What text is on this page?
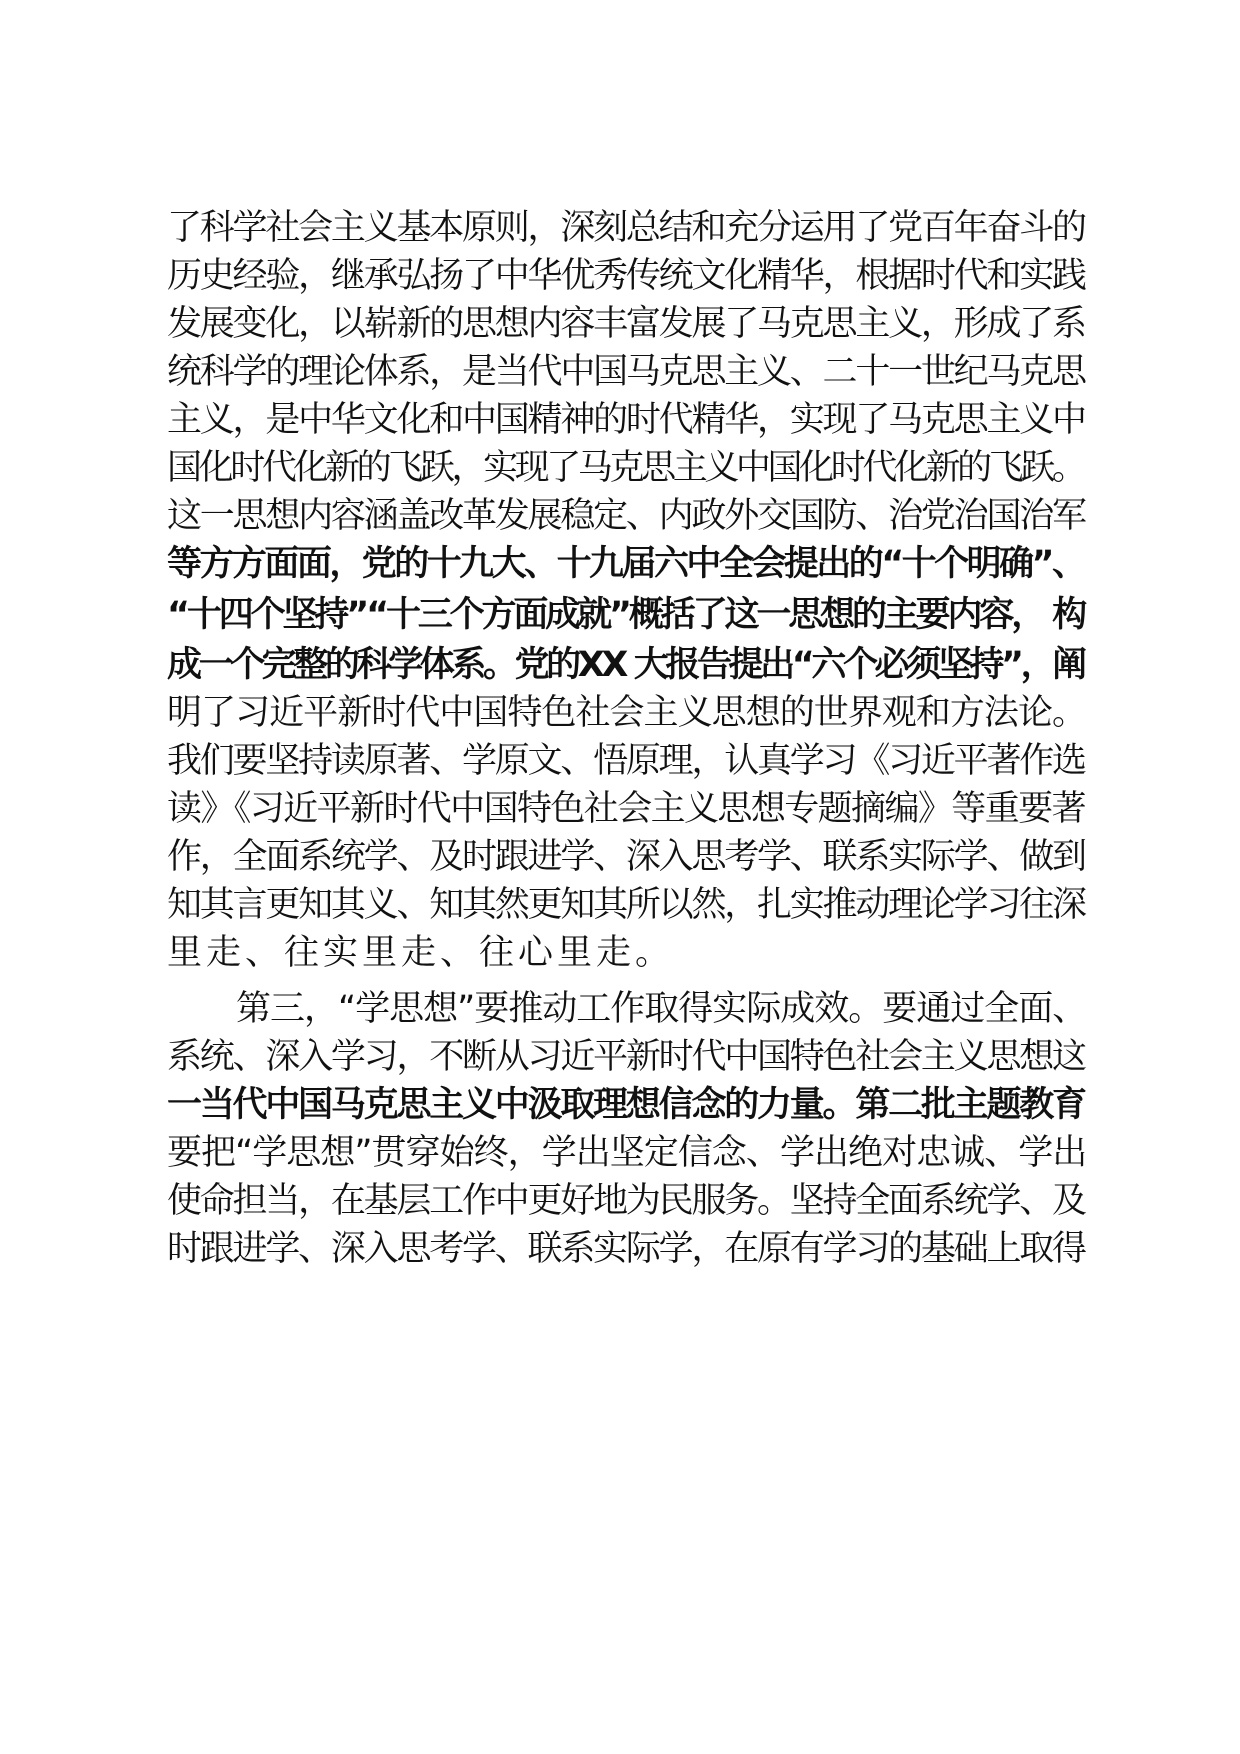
了科学社会主义基本原则，深刻总结和充分运用了党百年奋斗的
历史经验，继承弘扬了中华优秀传统文化精华，根据时代和实践
发展变化，以崭新的思想内容丰富发展了马克思主义，形成了系
统科学的理论体系，是当代中国马克思主义、二十一世纪马克思
主义，是中华文化和中国精神的时代精华，实现了马克思主义中
国化时代化新的飞跃，实现了马克思主义中国化时代化新的飞跃。
这一思想内容涵盖改革发展稳定、内政外交国防、治党治国治军
等方方面面，党的十九大、十九届六中全会提出的“十个明确”、
“十四个坚持”“十三个方面成就”概括了这一思想的主要内容， 构
成一个完整的科学体系。党的XX 大报告提出“六个必须坚持”，阐
明了习近平新时代中国特色社会主义思想的世界观和方法论。
我们要坚持读原著、学原文、悟原理，认真学习《习近平著作选
读》《习近平新时代中国特色社会主义思想专题摘编》等重要著
作，全面系统学、及时跟进学、深入思考学、联系实际学、做到
知其言更知其义、知其然更知其所以然，扎实推动理论学习往深
里走、往实里走、往心里走。
第三，“学思想”要推动工作取得实际成效。要通过全面、
系统、深入学习，不断从习近平新时代中国特色社会主义思想这
一当代中国马克思主义中汲取理想信念的力量。第二批主题教育
要把“学思想”贯穿始终，学出坚定信念、学出绝对忠诚、学出
使命担当，在基层工作中更好地为民服务。坚持全面系统学、及
时跟进学、深入思考学、联系实际学，在原有学习的基础上取得
